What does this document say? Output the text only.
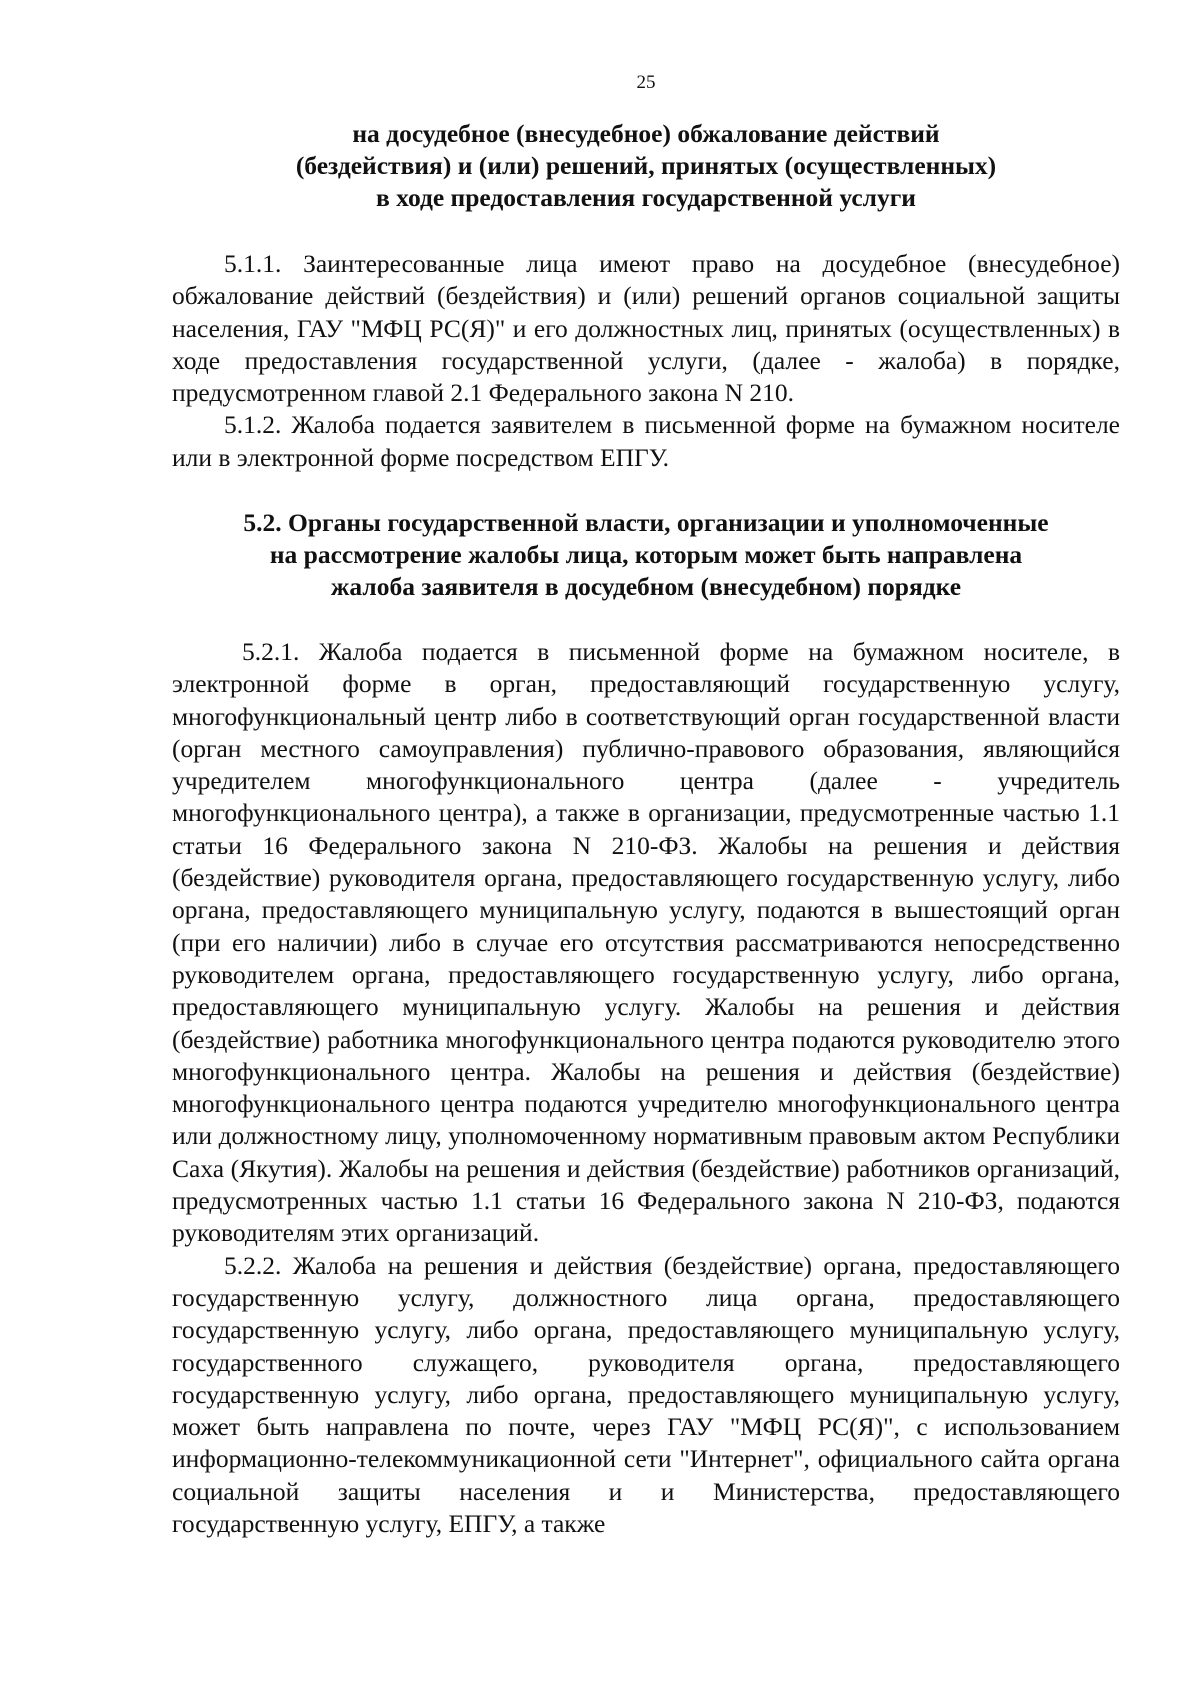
25
на досудебное (внесудебное) обжалование действий
(бездействия) и (или) решений, принятых (осуществленных)
в ходе предоставления государственной услуги

5.1.1. Заинтересованные лица имеют право на досудебное (внесудебное) обжалование действий (бездействия) и (или) решений органов социальной защиты населения, ГАУ "МФЦ РС(Я)" и его должностных лиц, принятых (осуществленных) в ходе предоставления государственной услуги, (далее - жалоба) в порядке, предусмотренном главой 2.1 Федерального закона N 210.

5.1.2. Жалоба подается заявителем в письменной форме на бумажном носителе или в электронной форме посредством ЕПГУ.

5.2. Органы государственной власти, организации и уполномоченные
на рассмотрение жалобы лица, которым может быть направлена
жалоба заявителя в досудебном (внесудебном) порядке

5.2.1. Жалоба подается в письменной форме на бумажном носителе, в электронной форме в орган, предоставляющий государственную услугу, многофункциональный центр либо в соответствующий орган государственной власти (орган местного самоуправления) публично-правового образования, являющийся учредителем многофункционального центра (далее - учредитель многофункционального центра), а также в организации, предусмотренные частью 1.1 статьи 16 Федерального закона N 210-ФЗ. Жалобы на решения и действия (бездействие) руководителя органа, предоставляющего государственную услугу, либо органа, предоставляющего муниципальную услугу, подаются в вышестоящий орган (при его наличии) либо в случае его отсутствия рассматриваются непосредственно руководителем органа, предоставляющего государственную услугу, либо органа, предоставляющего муниципальную услугу. Жалобы на решения и действия (бездействие) работника многофункционального центра подаются руководителю этого многофункционального центра. Жалобы на решения и действия (бездействие) многофункционального центра подаются учредителю многофункционального центра или должностному лицу, уполномоченному нормативным правовым актом Республики Саха (Якутия). Жалобы на решения и действия (бездействие) работников организаций, предусмотренных частью 1.1 статьи 16 Федерального закона N 210-ФЗ, подаются руководителям этих организаций.

5.2.2. Жалоба на решения и действия (бездействие) органа, предоставляющего государственную услугу, должностного лица органа, предоставляющего государственную услугу, либо органа, предоставляющего муниципальную услугу, государственного служащего, руководителя органа, предоставляющего государственную услугу, либо органа, предоставляющего муниципальную услугу, может быть направлена по почте, через ГАУ "МФЦ РС(Я)", с использованием информационно-телекоммуникационной сети "Интернет", официального сайта органа социальной защиты населения и и Министерства, предоставляющего государственную услугу, ЕПГУ, а также
